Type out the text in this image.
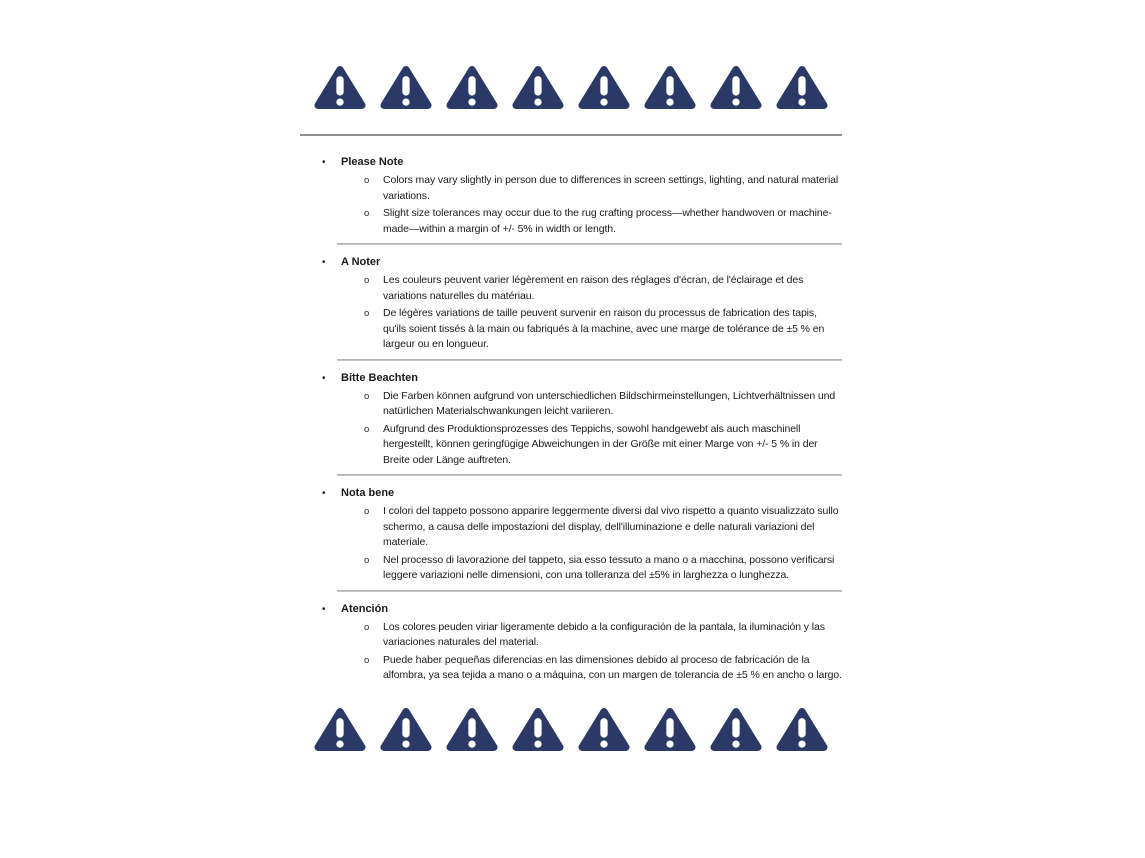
•	Please Note
o	Colors may vary slightly in person due to differences in screen settings, lighting, and natural material variations.

o	Slight size tolerances may occur due to the rug crafting process—whether handwoven or machine-made—within a margin of +/- 5% in width or length.

•	A Noter
o	Les couleurs peuvent varier légèrement en raison des réglages d'écran, de l'éclairage et des variations naturelles du matériau.

o	De légères variations de taille peuvent survenir en raison du processus de fabrication des tapis, qu'ils soient tissés à la main ou fabriqués à la machine, avec une marge de tolérance de ±5 % en largeur ou en longueur.

•	Bitte Beachten
o	Die Farben können aufgrund von unterschiedlichen Bildschirmeinstellungen, Lichtverhältnissen und natürlichen Materialschwankungen leicht variieren.

o	Aufgrund des Produktionsprozesses des Teppichs, sowohl handgewebt als auch maschinell hergestellt, können geringfügige Abweichungen in der Größe mit einer Marge von +/- 5 % in der Breite oder Länge auftreten.

•	Nota bene
o	I colori del tappeto possono apparire leggermente diversi dal vivo rispetto a quanto visualizzato sullo schermo, a causa delle impostazioni del display, dell'illuminazione e delle naturali variazioni del materiale.

o	Nel processo di lavorazione del tappeto, sia esso tessuto a mano o a macchina, possono verificarsi leggere variazioni nelle dimensioni, con una tolleranza del ±5% in larghezza o lunghezza.

•	Atención
o	Los colores peuden viriar ligeramente debido a la configuración de la pantala, la iluminación y las variaciones naturales del material.

o	Puede haber pequeñas diferencias en las dimensiones debido al proceso de fabricación de la alfombra, ya sea tejida a mano o a máquina, con un margen de tolerancia de ±5 % en ancho o largo.
